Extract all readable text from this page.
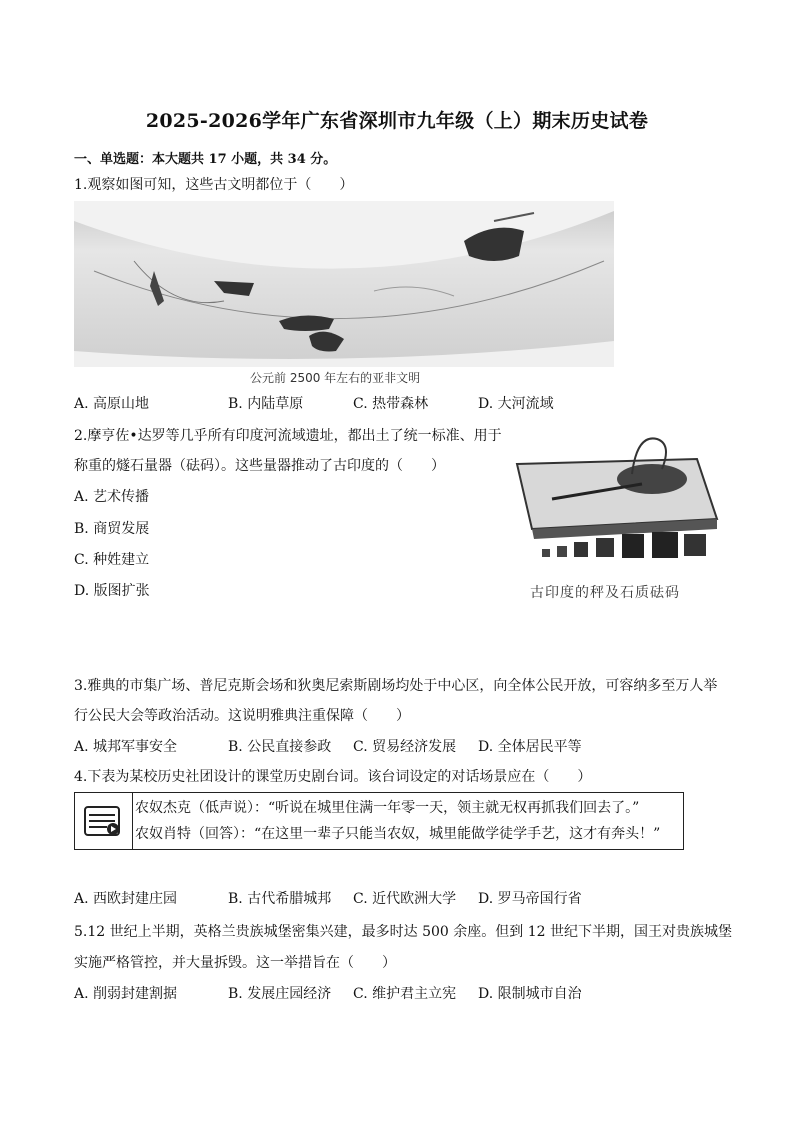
2025-2026学年广东省深圳市九年级（上）期末历史试卷
一、单选题：本大题共 17 小题，共 34 分。
1.观察如图可知，这些古文明都位于（　　）
公元前 2500 年左右的亚非文明
A. 高原山地	B. 内陆草原	C. 热带森林	D. 大河流域
2.摩亨佐•达罗等几乎所有印度河流域遗址，都出土了统一标准、用于
称重的燧石量器（砝码）。这些量器推动了古印度的（　　）
A. 艺术传播
B. 商贸发展
C. 种姓建立
D. 版图扩张	古印度的秤及石质砝码
3.雅典的市集广场、普尼克斯会场和狄奥尼索斯剧场均处于中心区，向全体公民开放，可容纳多至万人举
行公民大会等政治活动。这说明雅典注重保障（　　）
A. 城邦军事安全	B. 公民直接参政 C. 贸易经济发展 D. 全体居民平等
4.下表为某校历史社团设计的课堂历史剧台词。该台词设定的对话场景应在（　　）
农奴杰克（低声说）：“听说在城里住满一年零一天，领主就无权再抓我们回去了。”
农奴肖特（回答）：“在这里一辈子只能当农奴，城里能做学徒学手艺，这才有奔头！”
A. 西欧封建庄园	B. 古代希腊城邦 C. 近代欧洲大学 D. 罗马帝国行省
5.12 世纪上半期，英格兰贵族城堡密集兴建，最多时达 500 余座。但到 12 世纪下半期，国王对贵族城堡
实施严格管控，并大量拆毁。这一举措旨在（　　）
A. 削弱封建割据	B. 发展庄园经济 C. 维护君主立宪 D. 限制城市自治
